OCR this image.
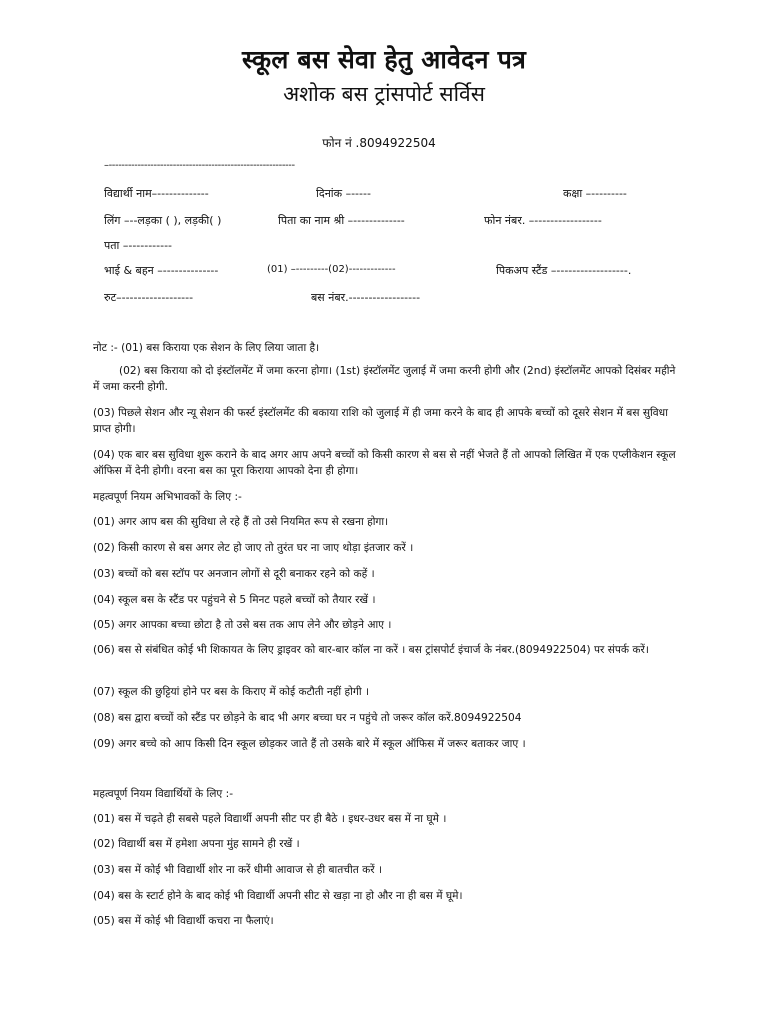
स्कूल बस सेवा हेतु आवेदन पत्र
अशोक बस ट्रांसपोर्ट सर्विस
फोन नं .8094922504
–----------------------------------------------------------
विद्यार्थी नाम–-------------	दिनांक –-----	कक्षा –---------
लिंग –--लड़का ( ), लड़की( )	पिता का नाम श्री –-------------	फोन नंबर. –-----------------
पता –-----------
भाई & बहन –--------------	(01) –---------(02)-------------	पिकअप स्टैंड –------------------.
रुट–------------------	बस नंबर.------------------
नोट :- (01) बस किराया एक सेशन के लिए लिया जाता है।
(02) बस किराया को दो इंस्टॉलमेंट में जमा करना होगा। (1st) इंस्टॉलमेंट जुलाई में जमा करनी होगी और (2nd) इंस्टॉलमेंट आपको दिसंबर महीने में जमा करनी होगी.
(03) पिछले सेशन और न्यू सेशन की फर्स्ट इंस्टॉलमेंट की बकाया राशि को जुलाई में ही जमा करने के बाद ही आपके बच्चों को दूसरे सेशन में बस सुविधा प्राप्त होगी।
(04) एक बार बस सुविधा शुरू कराने के बाद अगर आप अपने बच्चों को किसी कारण से बस से नहीं भेजते हैं तो आपको लिखित में एक एप्लीकेशन स्कूल ऑफिस में देनी होगी। वरना बस का पूरा किराया आपको देना ही होगा।
महत्वपूर्ण नियम अभिभावकों के लिए :-
(01) अगर आप बस की सुविधा ले रहे हैं तो उसे नियमित रूप से रखना होगा।
(02) किसी कारण से बस अगर लेट हो जाए तो तुरंत घर ना जाए थोड़ा इंतजार करें ।
(03) बच्चों को बस स्टॉप पर अनजान लोगों से दूरी बनाकर रहने को कहें ।
(04) स्कूल बस के स्टैंड पर पहुंचने से 5 मिनट पहले बच्चों को तैयार रखें ।
(05) अगर आपका बच्चा छोटा है तो उसे बस तक आप लेने और छोड़ने आए ।
(06) बस से संबंधित कोई भी शिकायत के लिए ड्राइवर को बार-बार कॉल ना करें । बस ट्रांसपोर्ट इंचार्ज के नंबर.(8094922504) पर संपर्क करें।
(07) स्कूल की छुट्टियां होने पर बस के किराए में कोई कटौती नहीं होगी ।
(08) बस द्वारा बच्चों को स्टैंड पर छोड़ने के बाद भी अगर बच्चा घर न पहुंचे तो जरूर कॉल करें.8094922504
(09) अगर बच्चे को आप किसी दिन स्कूल छोड़कर जाते हैं तो उसके बारे में स्कूल ऑफिस में जरूर बताकर जाए ।
महत्वपूर्ण नियम विद्यार्थियों के लिए :-
(01) बस में चढ़ते ही सबसे पहले विद्यार्थी अपनी सीट पर ही बैठे । इधर-उधर बस में ना घूमे ।
(02) विद्यार्थी बस में हमेशा अपना मुंह सामने ही रखें ।
(03) बस में कोई भी विद्यार्थी शोर ना करें धीमी आवाज से ही बातचीत करें ।
(04) बस के स्टार्ट होने के बाद कोई भी विद्यार्थी अपनी सीट से खड़ा ना हो और ना ही बस में घूमे।
(05) बस में कोई भी विद्यार्थी कचरा ना फैलाएं।
